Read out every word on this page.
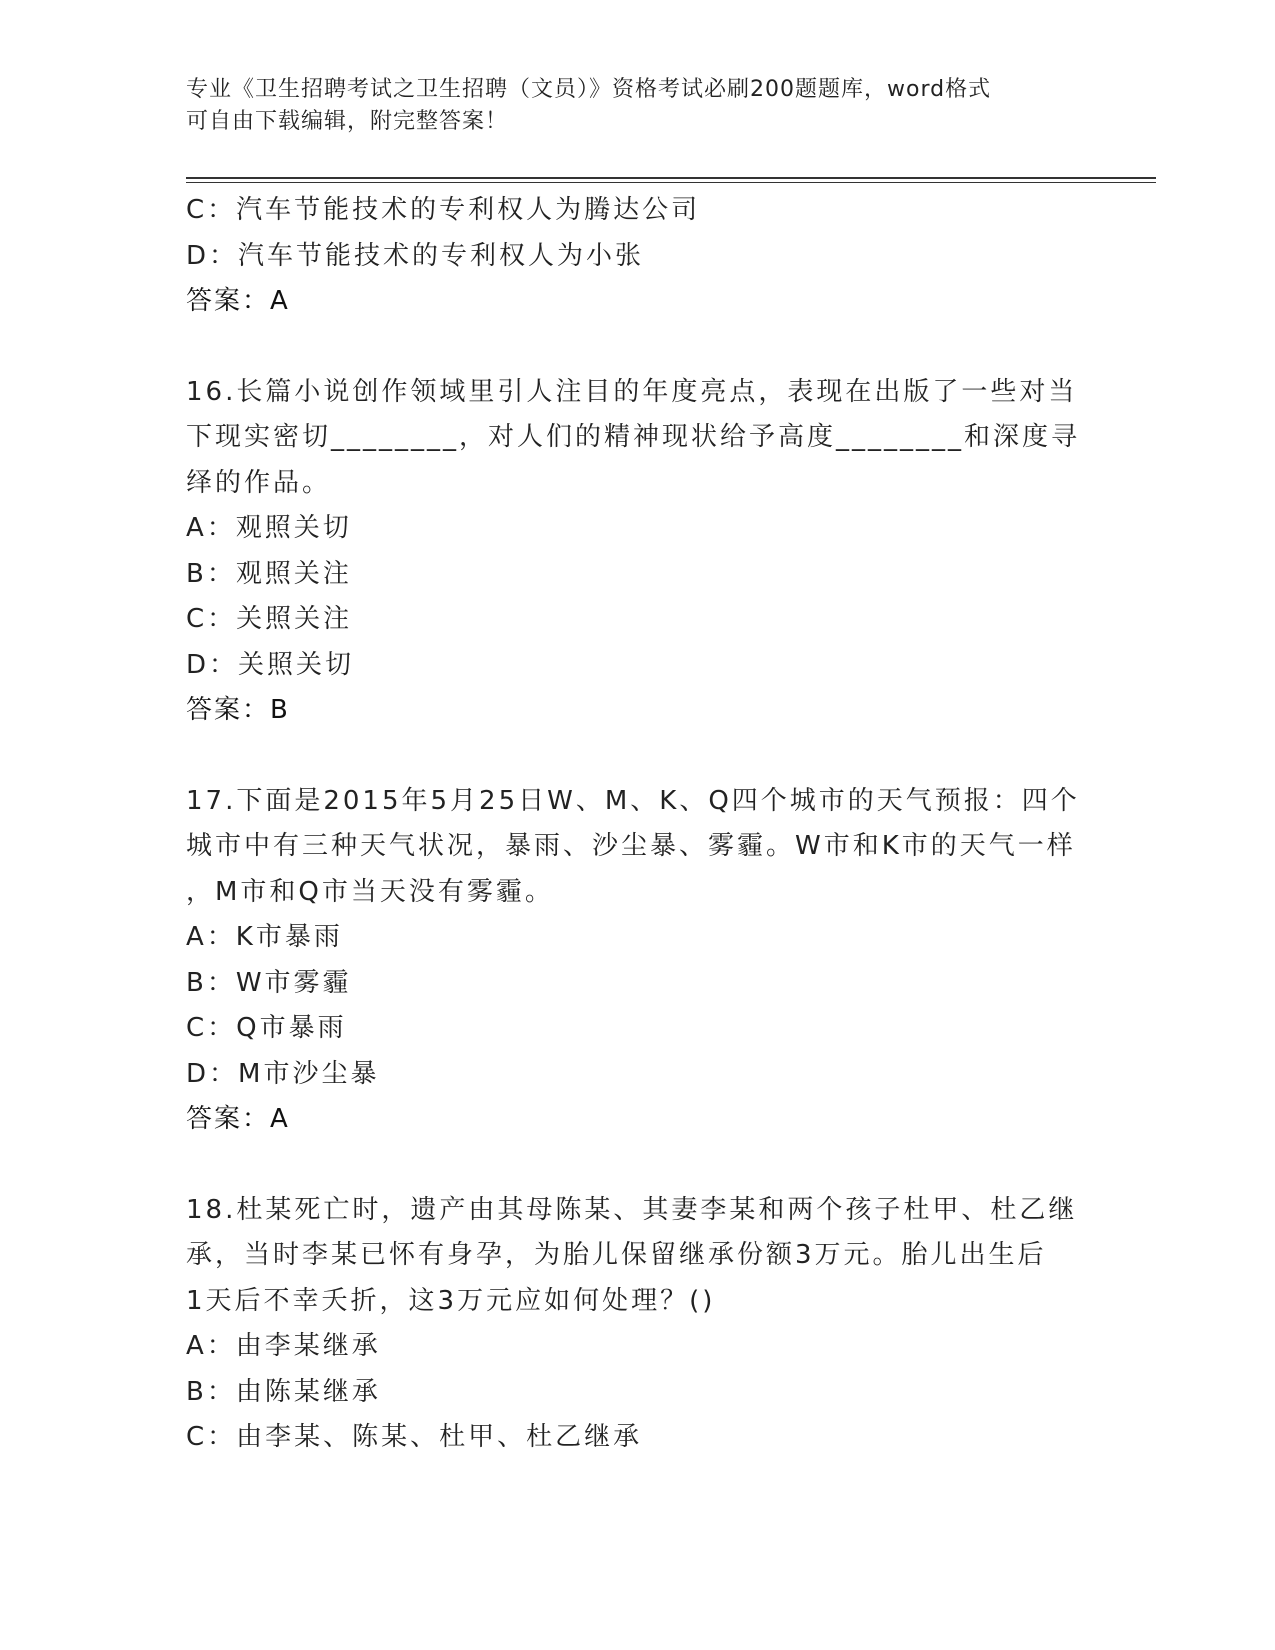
专业《卫生招聘考试之卫生招聘（文员）》资格考试必刷200题题库，word格式
可自由下载编辑，附完整答案！
C：汽车节能技术的专利权人为腾达公司
D：汽车节能技术的专利权人为小张
答案：A
16.长篇小说创作领域里引人注目的年度亮点，表现在出版了一些对当
下现实密切________，对人们的精神现状给予高度________和深度寻
绎的作品。
A：观照关切
B：观照关注
C：关照关注
D：关照关切
答案：B
17.下面是2015年5月25日W、M、K、Q四个城市的天气预报：四个
城市中有三种天气状况，暴雨、沙尘暴、雾霾。W市和K市的天气一样
，M市和Q市当天没有雾霾。
A：K市暴雨
B：W市雾霾
C：Q市暴雨
D：M市沙尘暴
答案：A
18.杜某死亡时，遗产由其母陈某、其妻李某和两个孩子杜甲、杜乙继
承，当时李某已怀有身孕，为胎儿保留继承份额3万元。胎儿出生后
1天后不幸夭折，这3万元应如何处理？()
A：由李某继承
B：由陈某继承
C：由李某、陈某、杜甲、杜乙继承
